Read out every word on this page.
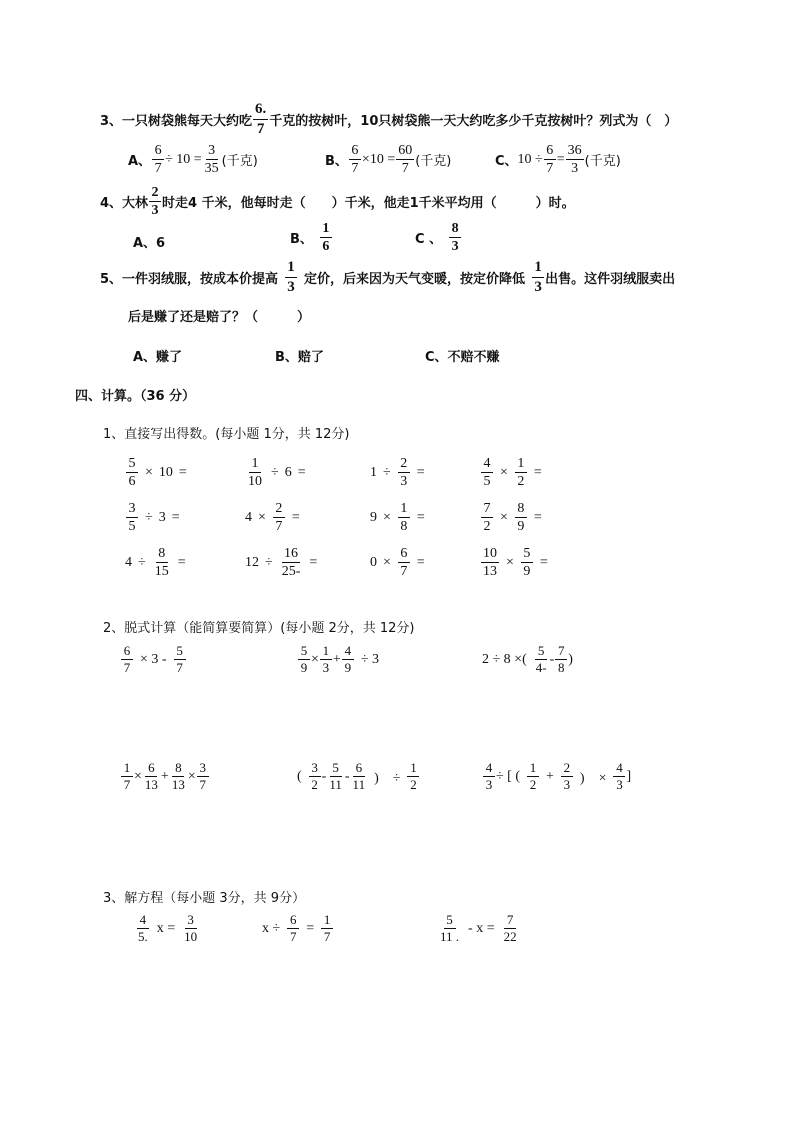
3、一只树袋熊每天大约吃 $\frac{6.}{7}$ 千克的按树叶，10只树袋熊一天大约吃多少千克按树叶？列式为（　）
A、 $\frac{6}{7} \div 10 = \frac{3}{35}$ (千克)	B、 $\frac{6}{7} \times 10 = \frac{60}{7}$ (千克)	C、 $10 \div \frac{6}{7} = \frac{36}{3}$ (千克)
4、大林 $\frac{2}{3}$ 时走4 千米，他每时走（　　）千米，他走1千米平均用（　　　）时。
A、6	B、 $\frac{1}{6}$	C 、 $\frac{8}{3}$
5、一件羽绒服，按成本价提高 $\frac{1}{3}$ 定价，后来因为天气变暖，按定价降低 $\frac{1}{3}$ 出售。这件羽绒服卖出
后是赚了还是赔了？（　　　）
A、赚了	B、赔了	C、不赔不赚
四、计算。（36 分）
1、直接写出得数。(每小题 1分，共 12分)
$\frac{5}{6} \times 10$ =	$\frac{1}{10} \div 6$ =	$1 \div \frac{2}{3}$ =	$\frac{4}{5} \times \frac{1}{2}$ =
$\frac{3}{5} \div 3$ =	$4 \times \frac{2}{7}$ =	$9 \times \frac{1}{8}$ =	$\frac{7}{2} \times \frac{8}{9}$ =
$4 \div \frac{8}{15}$ =	$12 \div \frac{16}{25-}$ =	$0 \times \frac{6}{7}$ =	$\frac{10}{13} \times \frac{5}{9}$ =
2、脱式计算（能简算要简算）(每小题 2分，共 12分)
$\frac{6}{7} \times 3 - \frac{5}{7}$	$\frac{5}{9} \times \frac{1}{3} + \frac{4}{9} \div 3$	2 ÷ 8 ×( $\frac{5}{4-} - \frac{7}{8}$ )
$\frac{1}{7} \times \frac{6}{13} + \frac{8}{13} \times \frac{3}{7}$	( $\frac{3}{2} - \frac{5}{11} - \frac{6}{11}$ )　÷ $\frac{1}{2}$	$\frac{4}{3}$ ÷ [ ( $\frac{1}{2} + \frac{2}{3}$ )　× $\frac{4}{3}$ ]
3、解方程（每小题 3分，共 9分）
$\frac{4}{5.}$ $x = \frac{3}{10}$	$x \div \frac{6}{7} = \frac{1}{7}$	$\frac{5}{11 .} - x = \frac{7}{22}$
